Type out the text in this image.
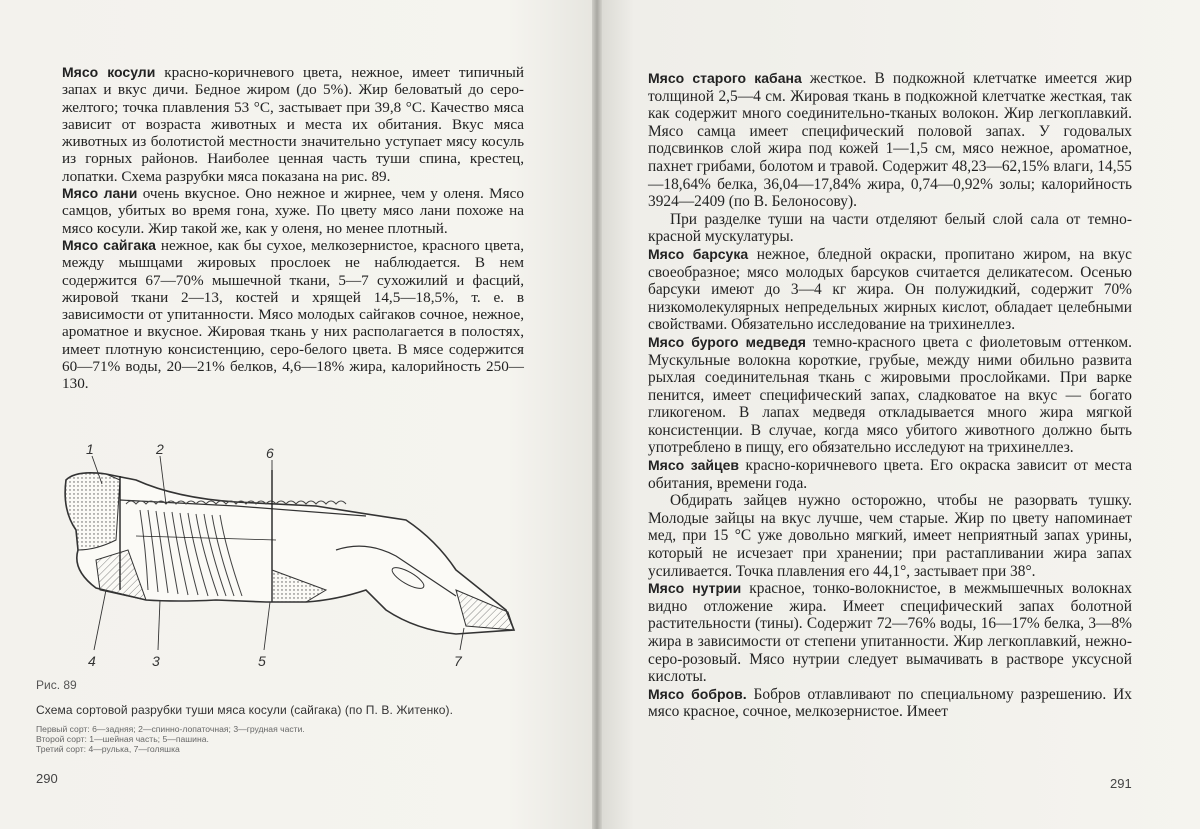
Мясо косули красно-коричневого цвета, нежное, имеет типичный запах и вкус дичи. Бедное жиром (до 5%). Жир беловатый до серо-желтого; точка плавления 53 °С, застывает при 39,8 °С. Качество мяса зависит от возраста животных и места их обитания. Вкус мяса животных из болотистой местности значительно уступает мясу косуль из горных районов. Наиболее ценная часть туши спина, крестец, лопатки. Схема разрубки мяса показана на рис. 89.

Мясо лани очень вкусное. Оно нежное и жирнее, чем у оленя. Мясо самцов, убитых во время гона, хуже. По цвету мясо лани похоже на мясо косули. Жир такой же, как у оленя, но менее плотный.

Мясо сайгака нежное, как бы сухое, мелкозернистое, красного цвета, между мышцами жировых прослоек не наблюдается. В нем содержится 67—70% мышечной ткани, 5—7 сухожилий и фасций, жировой ткани 2—13, костей и хрящей 14,5—18,5%, т. е. в зависимости от упитанности. Мясо молодых сайгаков сочное, нежное, ароматное и вкусное. Жировая ткань у них располагается в полостях, имеет плотную консистенцию, серо-белого цвета. В мясе содержится 60—71% воды, 20—21% белков, 4,6—18% жира, калорийность 250—130.

1	2	6
4	3	5	7
Рис. 89
Схема сортовой разрубки туши мяса косули (сайгака) (по П. В. Житенко).
Первый сорт: 6—задняя; 2—спинно-лопаточная; 3—грудная части.
Второй сорт: 1—шейная часть; 5—пашина.
Третий сорт: 4—рулька, 7—голяшка
290

Мясо старого кабана жесткое. В подкожной клетчатке имеется жир толщиной 2,5—4 см. Жировая ткань в подкожной клетчатке жесткая, так как содержит много соединительно-тканых волокон. Жир легкоплавкий. Мясо самца имеет специфический половой запах. У годовалых подсвинков слой жира под кожей 1—1,5 см, мясо нежное, ароматное, пахнет грибами, болотом и травой. Содержит 48,23—62,15% влаги, 14,55—18,64% белка, 36,04—17,84% жира, 0,74—0,92% золы; калорийность 3924—2409 (по В. Белоносову).

При разделке туши на части отделяют белый слой сала от темно-красной мускулатуры.

Мясо барсука нежное, бледной окраски, пропитано жиром, на вкус своеобразное; мясо молодых барсуков считается деликатесом. Осенью барсуки имеют до 3—4 кг жира. Он полужидкий, содержит 70% низкомолекулярных непредельных жирных кислот, обладает целебными свойствами. Обязательно исследование на трихинеллез.

Мясо бурого медведя темно-красного цвета с фиолетовым оттенком. Мускульные волокна короткие, грубые, между ними обильно развита рыхлая соединительная ткань с жировыми прослойками. При варке пенится, имеет специфический запах, сладковатое на вкус — богато гликогеном. В лапах медведя откладывается много жира мягкой консистенции. В случае, когда мясо убитого животного должно быть употреблено в пищу, его обязательно исследуют на трихинеллез.

Мясо зайцев красно-коричневого цвета. Его окраска зависит от места обитания, времени года.

Обдирать зайцев нужно осторожно, чтобы не разорвать тушку. Молодые зайцы на вкус лучше, чем старые. Жир по цвету напоминает мед, при 15 °С уже довольно мягкий, имеет неприятный запах урины, который не исчезает при хранении; при растапливании жира запах усиливается. Точка плавления его 44,1°, застывает при 38°.

Мясо нутрии красное, тонко-волокнистое, в межмышечных волокнах видно отложение жира. Имеет специфический запах болотной растительности (тины). Содержит 72—76% воды, 16—17% белка, 3—8% жира в зависимости от степени упитанности. Жир легкоплавкий, нежно-серо-розовый. Мясо нутрии следует вымачивать в растворе уксусной кислоты.

Мясо бобров. Бобров отлавливают по специальному разрешению. Их мясо красное, сочное, мелкозернистое. Имеет

291
